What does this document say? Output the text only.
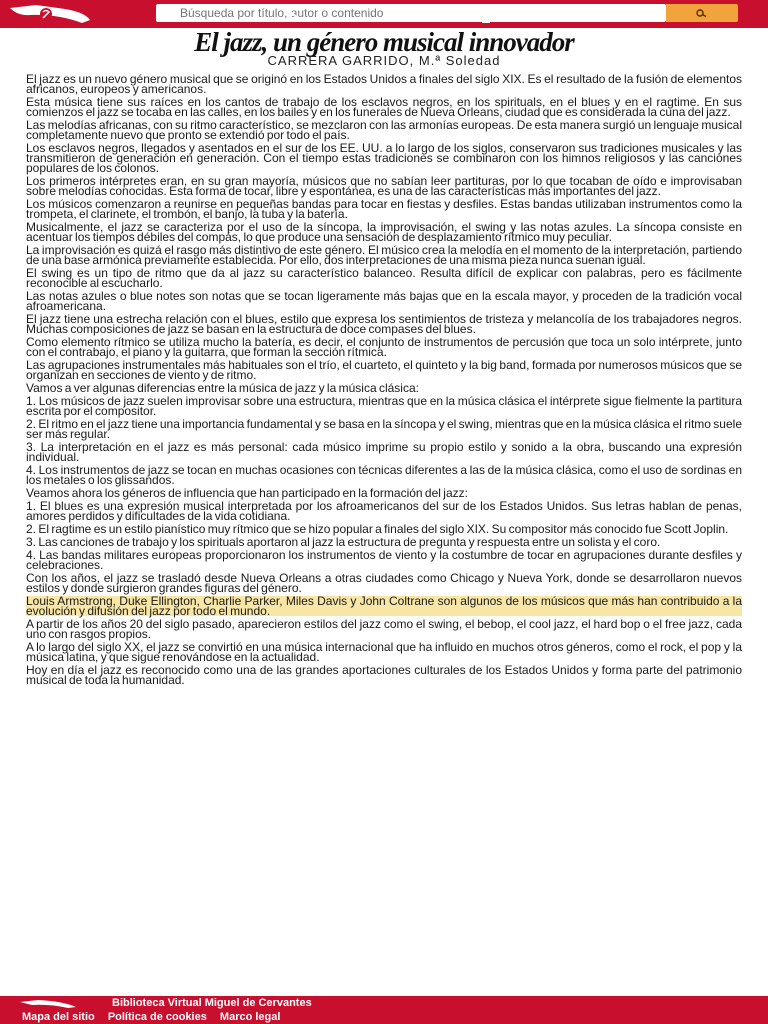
Búsqueda por título, autor o contenido
El jazz, un género musical innovador
CARRERA GARRIDO, M.ª Soledad

El jazz es un nuevo género musical que se originó en los Estados Unidos a finales del siglo XIX. Es el resultado de la fusión de elementos africanos, europeos y americanos.

Esta música tiene sus raíces en los cantos de trabajo de los esclavos negros, en los spirituals, en el blues y en el ragtime. En sus comienzos el jazz se tocaba en las calles, en los bailes y en los funerales de Nueva Orleans, ciudad que es considerada la cuna del jazz.

Las melodías africanas, con su ritmo característico, se mezclaron con las armonías europeas. De esta manera surgió un lenguaje musical completamente nuevo que pronto se extendió por todo el país.

Los esclavos negros, llegados y asentados en el sur de los EE. UU. a lo largo de los siglos, conservaron sus tradiciones musicales y las transmitieron de generación en generación. Con el tiempo estas tradiciones se combinaron con los himnos religiosos y las canciones populares de los colonos.

Los primeros intérpretes eran, en su gran mayoría, músicos que no sabían leer partituras, por lo que tocaban de oído e improvisaban sobre melodías conocidas. Esta forma de tocar, libre y espontánea, es una de las características más importantes del jazz.

Los músicos comenzaron a reunirse en pequeñas bandas para tocar en fiestas y desfiles. Estas bandas utilizaban instrumentos como la trompeta, el clarinete, el trombón, el banjo, la tuba y la batería.

Musicalmente, el jazz se caracteriza por el uso de la síncopa, la improvisación, el swing y las notas azules. La síncopa consiste en acentuar los tiempos débiles del compás, lo que produce una sensación de desplazamiento rítmico muy peculiar.

La improvisación es quizá el rasgo más distintivo de este género. El músico crea la melodía en el momento de la interpretación, partiendo de una base armónica previamente establecida. Por ello, dos interpretaciones de una misma pieza nunca suenan igual.

El swing es un tipo de ritmo que da al jazz su característico balanceo. Resulta difícil de explicar con palabras, pero es fácilmente reconocible al escucharlo.

Las notas azules o blue notes son notas que se tocan ligeramente más bajas que en la escala mayor, y proceden de la tradición vocal afroamericana.

El jazz tiene una estrecha relación con el blues, estilo que expresa los sentimientos de tristeza y melancolía de los trabajadores negros. Muchas composiciones de jazz se basan en la estructura de doce compases del blues.

Como elemento rítmico se utiliza mucho la batería, es decir, el conjunto de instrumentos de percusión que toca un solo intérprete, junto con el contrabajo, el piano y la guitarra, que forman la sección rítmica.

Las agrupaciones instrumentales más habituales son el trío, el cuarteto, el quinteto y la big band, formada por numerosos músicos que se organizan en secciones de viento y de ritmo.

Vamos a ver algunas diferencias entre la música de jazz y la música clásica:

1. Los músicos de jazz suelen improvisar sobre una estructura, mientras que en la música clásica el intérprete sigue fielmente la partitura escrita por el compositor.

2. El ritmo en el jazz tiene una importancia fundamental y se basa en la síncopa y el swing, mientras que en la música clásica el ritmo suele ser más regular.

3. La interpretación en el jazz es más personal: cada músico imprime su propio estilo y sonido a la obra, buscando una expresión individual.

4. Los instrumentos de jazz se tocan en muchas ocasiones con técnicas diferentes a las de la música clásica, como el uso de sordinas en los metales o los glissandos.

Veamos ahora los géneros de influencia que han participado en la formación del jazz:

1. El blues es una expresión musical interpretada por los afroamericanos del sur de los Estados Unidos. Sus letras hablan de penas, amores perdidos y dificultades de la vida cotidiana.

2. El ragtime es un estilo pianístico muy rítmico que se hizo popular a finales del siglo XIX. Su compositor más conocido fue Scott Joplin.

3. Las canciones de trabajo y los spirituals aportaron al jazz la estructura de pregunta y respuesta entre un solista y el coro.

4. Las bandas militares europeas proporcionaron los instrumentos de viento y la costumbre de tocar en agrupaciones durante desfiles y celebraciones.

Con los años, el jazz se trasladó desde Nueva Orleans a otras ciudades como Chicago y Nueva York, donde se desarrollaron nuevos estilos y donde surgieron grandes figuras del género.

Louis Armstrong, Duke Ellington, Charlie Parker, Miles Davis y John Coltrane son algunos de los músicos que más han contribuido a la evolución y difusión del jazz por todo el mundo.

A partir de los años 20 del siglo pasado, aparecieron estilos del jazz como el swing, el bebop, el cool jazz, el hard bop o el free jazz, cada uno con rasgos propios.

A lo largo del siglo XX, el jazz se convirtió en una música internacional que ha influido en muchos otros géneros, como el rock, el pop y la música latina, y que sigue renovándose en la actualidad.

Hoy en día el jazz es reconocido como una de las grandes aportaciones culturales de los Estados Unidos y forma parte del patrimonio musical de toda la humanidad.

Biblioteca Virtual Miguel de Cervantes
Mapa del sitio Política de cookies Marco legal
